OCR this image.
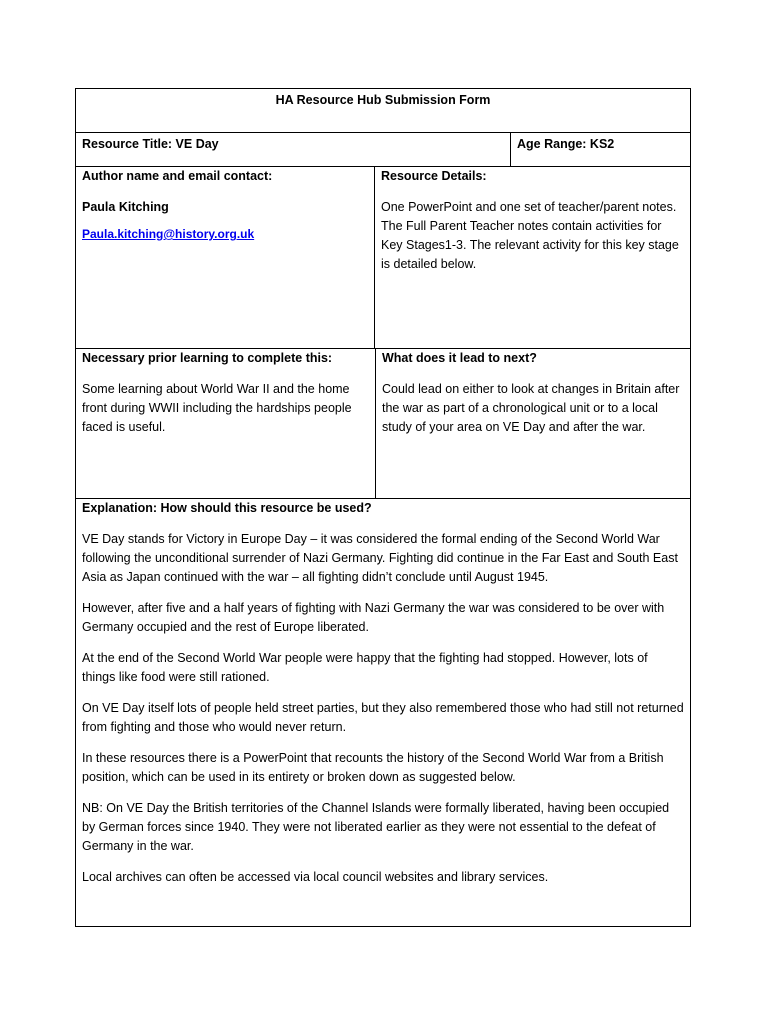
HA Resource Hub Submission Form
Resource Title: VE Day	Age Range: KS2
Author name and email contact:
Paula Kitching
Paula.kitching@history.org.uk
Resource Details:
One PowerPoint and one set of teacher/parent notes. The Full Parent Teacher notes contain activities for Key Stages1-3. The relevant activity for this key stage is detailed below.
Necessary prior learning to complete this:
Some learning about World War II and the home front during WWII including the hardships people faced is useful.
What does it lead to next?
Could lead on either to look at changes in Britain after the war as part of a chronological unit or to a local study of your area on VE Day and after the war.
Explanation: How should this resource be used?

VE Day stands for Victory in Europe Day – it was considered the formal ending of the Second World War following the unconditional surrender of Nazi Germany. Fighting did continue in the Far East and South East Asia as Japan continued with the war – all fighting didn’t conclude until August 1945.

However, after five and a half years of fighting with Nazi Germany the war was considered to be over with Germany occupied and the rest of Europe liberated.

At the end of the Second World War people were happy that the fighting had stopped. However, lots of things like food were still rationed.

On VE Day itself lots of people held street parties, but they also remembered those who had still not returned from fighting and those who would never return.

In these resources there is a PowerPoint that recounts the history of the Second World War from a British position, which can be used in its entirety or broken down as suggested below.

NB: On VE Day the British territories of the Channel Islands were formally liberated, having been occupied by German forces since 1940. They were not liberated earlier as they were not essential to the defeat of Germany in the war.

Local archives can often be accessed via local council websites and library services.
